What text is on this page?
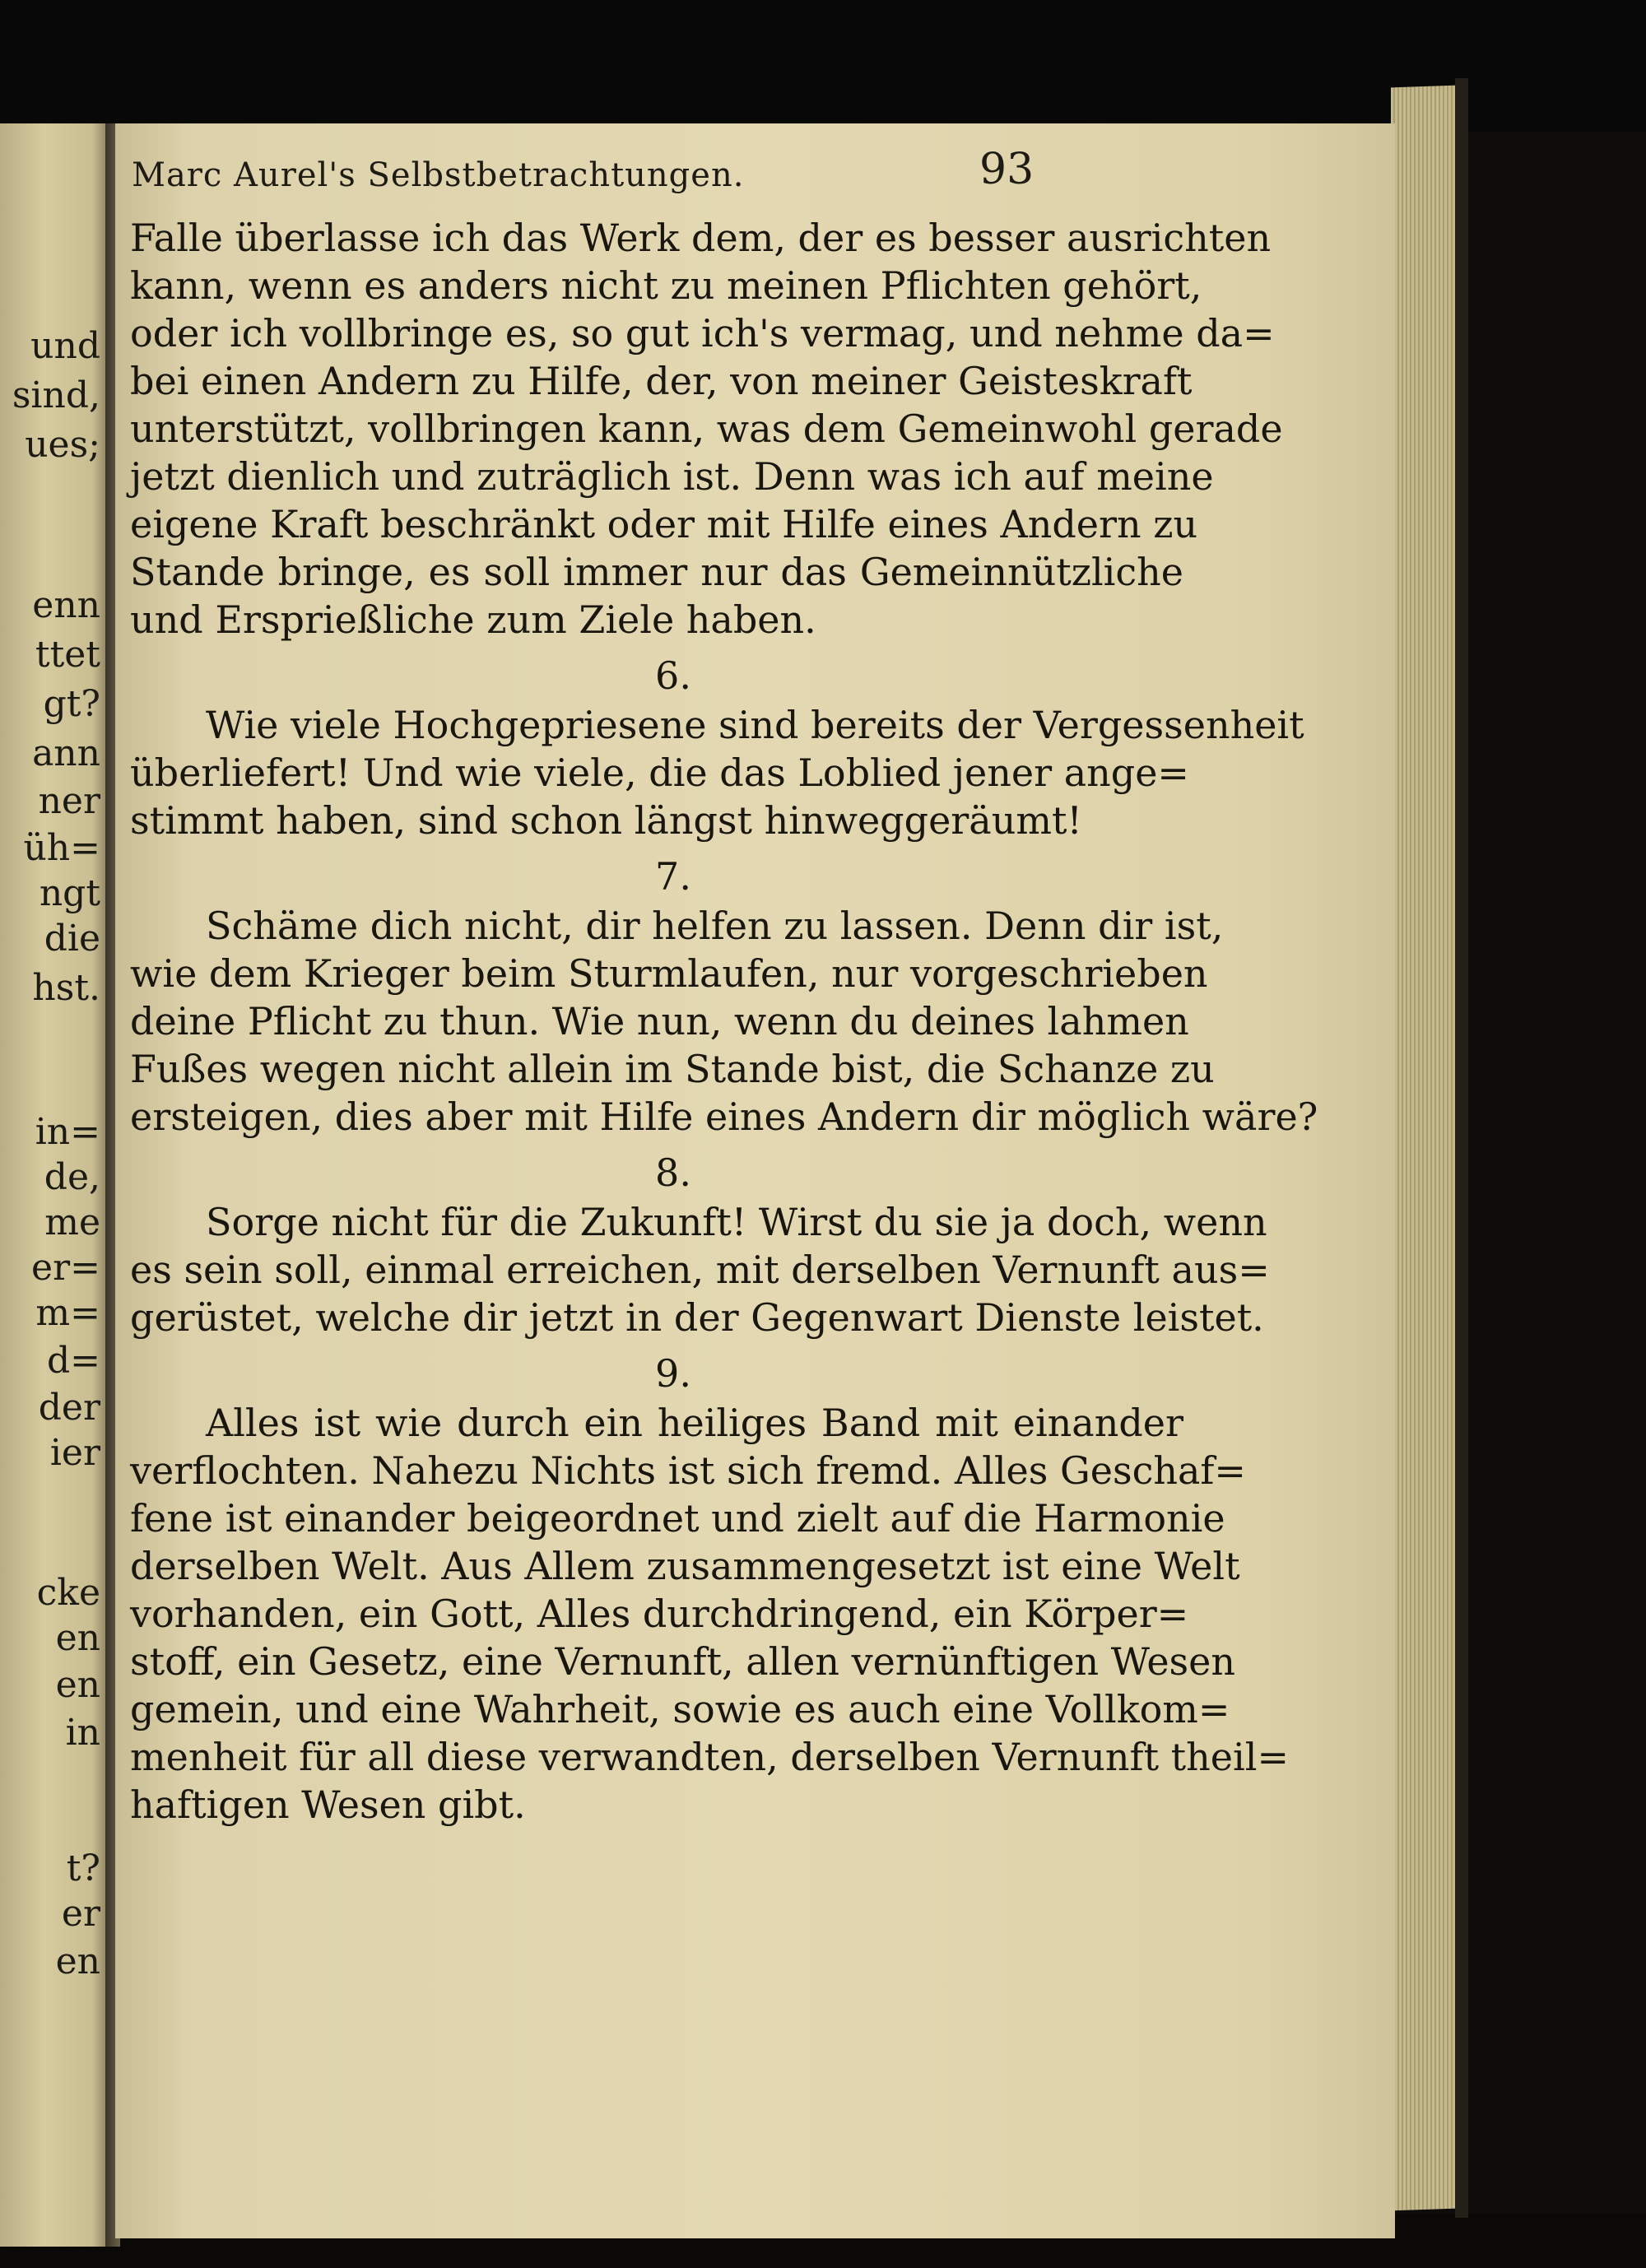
und
sind,
ues;
enn
ttet
gt?
ann
ner
üh=
ngt
die
hst.
in=
de,
me
er=
m=
d=
der
ier
cke
en
en
in
t?
er
en
Marc Aurel's Selbstbetrachtungen.	93
Falle überlasse ich das Werk dem, der es besser ausrichten
kann, wenn es anders nicht zu meinen Pflichten gehört,
oder ich vollbringe es, so gut ich's vermag, und nehme da=
bei einen Andern zu Hilfe, der, von meiner Geisteskraft
unterstützt, vollbringen kann, was dem Gemeinwohl gerade
jetzt dienlich und zuträglich ist. Denn was ich auf meine
eigene Kraft beschränkt oder mit Hilfe eines Andern zu
Stande bringe, es soll immer nur das Gemeinnützliche
und Ersprießliche zum Ziele haben.
6.
Wie viele Hochgepriesene sind bereits der Vergessenheit
überliefert! Und wie viele, die das Loblied jener ange=
stimmt haben, sind schon längst hinweggeräumt!
7.
Schäme dich nicht, dir helfen zu lassen. Denn dir ist,
wie dem Krieger beim Sturmlaufen, nur vorgeschrieben
deine Pflicht zu thun. Wie nun, wenn du deines lahmen
Fußes wegen nicht allein im Stande bist, die Schanze zu
ersteigen, dies aber mit Hilfe eines Andern dir möglich wäre?
8.
Sorge nicht für die Zukunft! Wirst du sie ja doch, wenn
es sein soll, einmal erreichen, mit derselben Vernunft aus=
gerüstet, welche dir jetzt in der Gegenwart Dienste leistet.
9.
Alles ist wie durch ein heiliges Band mit einander
verflochten. Nahezu Nichts ist sich fremd. Alles Geschaf=
fene ist einander beigeordnet und zielt auf die Harmonie
derselben Welt. Aus Allem zusammengesetzt ist eine Welt
vorhanden, ein Gott, Alles durchdringend, ein Körper=
stoff, ein Gesetz, eine Vernunft, allen vernünftigen Wesen
gemein, und eine Wahrheit, sowie es auch eine Vollkom=
menheit für all diese verwandten, derselben Vernunft theil=
haftigen Wesen gibt.
